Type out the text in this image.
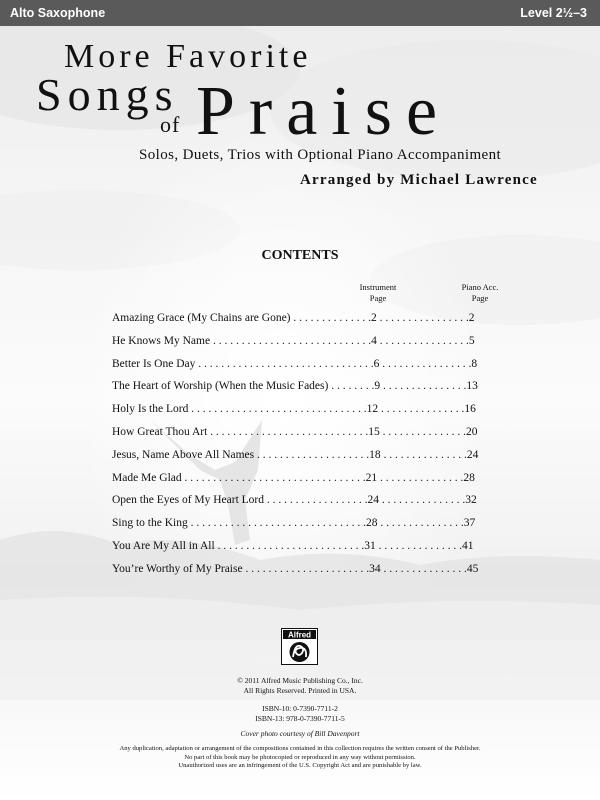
Alto Saxophone	Level 2½–3
More Favorite
Songs
of Praise
Solos, Duets, Trios with Optional Piano Accompaniment
Arranged by Michael Lawrence
CONTENTS
Instrument
Page
Piano Acc.
Page
Amazing Grace (My Chains are Gone) . . . . . . . . . . . . . .2 . . . . . . . . . . . . . . . .2
He Knows My Name . . . . . . . . . . . . . . . . . . . . . . . . . . . .4 . . . . . . . . . . . . . . . .5
Better Is One Day . . . . . . . . . . . . . . . . . . . . . . . . . . . . . . .6 . . . . . . . . . . . . . . . .8
The Heart of Worship (When the Music Fades) . . . . . . . .9 . . . . . . . . . . . . . . .13
Holy Is the Lord . . . . . . . . . . . . . . . . . . . . . . . . . . . . . . .12 . . . . . . . . . . . . . . .16
How Great Thou Art . . . . . . . . . . . . . . . . . . . . . . . . . . . .15 . . . . . . . . . . . . . . .20
Jesus, Name Above All Names . . . . . . . . . . . . . . . . . . . .18 . . . . . . . . . . . . . . .24
Made Me Glad . . . . . . . . . . . . . . . . . . . . . . . . . . . . . . . .21 . . . . . . . . . . . . . . .28
Open the Eyes of My Heart Lord . . . . . . . . . . . . . . . . . .24 . . . . . . . . . . . . . . .32
Sing to the King . . . . . . . . . . . . . . . . . . . . . . . . . . . . . . .28 . . . . . . . . . . . . . . .37
You Are My All in All . . . . . . . . . . . . . . . . . . . . . . . . . .31 . . . . . . . . . . . . . . .41
You’re Worthy of My Praise . . . . . . . . . . . . . . . . . . . . . .34 . . . . . . . . . . . . . . .45
Alfred
© 2011 Alfred Music Publishing Co., Inc.
All Rights Reserved. Printed in USA.
ISBN-10: 0-7390-7711-2
ISBN-13: 978-0-7390-7711-5
Cover photo courtesy of Bill Davenport
Any duplication, adaptation or arrangement of the compositions contained in this collection requires the written consent of the Publisher.
No part of this book may be photocopied or reproduced in any way without permission.
Unauthorized uses are an infringement of the U.S. Copyright Act and are punishable by law.
